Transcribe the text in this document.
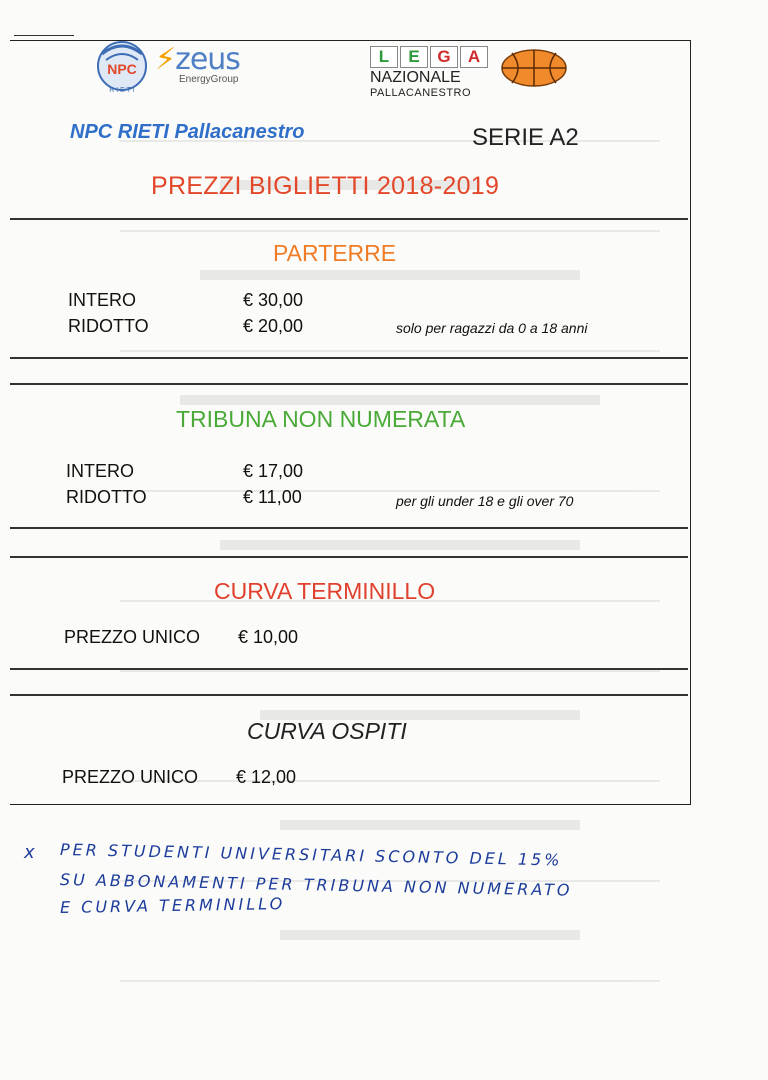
NPC
R I E T I
⚡zeus
EnergyGroup
L	E	G	A
NAZIONALE
PALLACANESTRO
NPC RIETI Pallacanestro	SERIE A2
PREZZI BIGLIETTI 2018-2019
PARTERRE
INTERO	€ 30,00
RIDOTTO	€ 20,00	solo per ragazzi da 0 a 18 anni
TRIBUNA NON NUMERATA
INTERO	€ 17,00
RIDOTTO	€ 11,00	per gli under 18 e gli over 70
CURVA TERMINILLO
PREZZO UNICO € 10,00
CURVA OSPITI
PREZZO UNICO € 12,00
x PER STUDENTI UNIVERSITARI SCONTO DEL 15%
SU ABBONAMENTI PER TRIBUNA NON NUMERATO
E CURVA TERMINILLO
